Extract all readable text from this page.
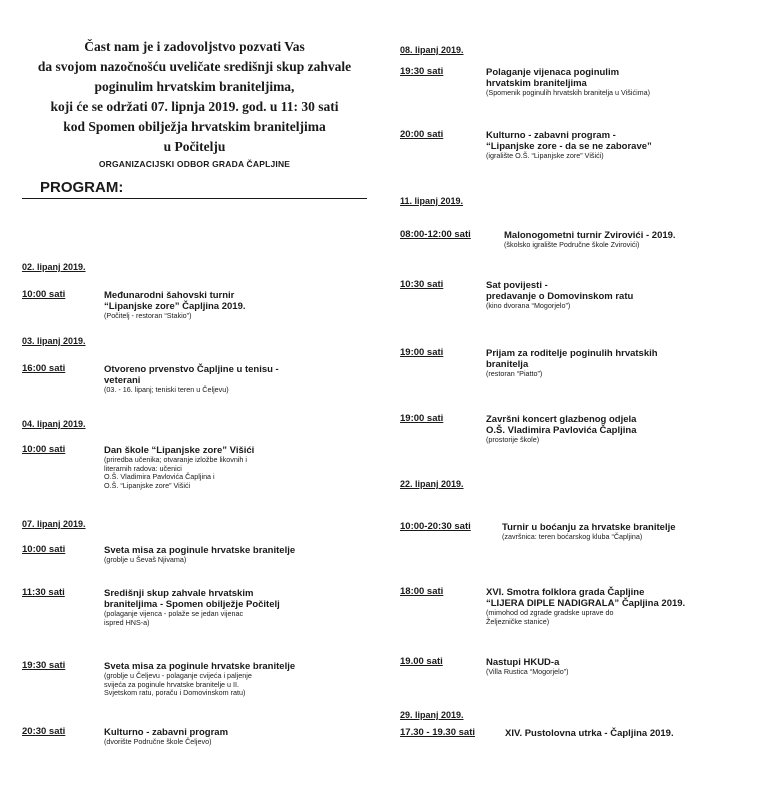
Čast nam je i zadovoljstvo pozvati Vas
da svojom nazočnošću uveličate središnji skup zahvale
poginulim hrvatskim braniteljima,
koji će se održati 07. lipnja 2019. god. u 11: 30 sati
kod Spomen obilježja hrvatskim braniteljima
u Počitelju
ORGANIZACIJSKI ODBOR GRADA ČAPLJINE
PROGRAM:
02. lipanj 2019.
10:00 sati	Međunarodni šahovski turnir
“Lipanjske zore” Čapljina 2019.
(Počitelj - restoran “Stakio”)
03. lipanj 2019.
16:00 sati	Otvoreno prvenstvo Čapljine u tenisu -
veterani
(03. - 16. lipanj; teniski teren u Čeljevu)
04. lipanj 2019.
10:00 sati	Dan škole “Lipanjske zore” Višići
(priredba učenika; otvaranje izložbe likovnih i
literarnih radova: učenici
O.Š. Vladimira Pavlovića Čapljina i
O.Š. “Lipanjske zore” Višići
07. lipanj 2019.
10:00 sati	Sveta misa za poginule hrvatske branitelje
(groblje u Ševaš Njivama)
11:30 sati	Središnji skup zahvale hrvatskim
braniteljima - Spomen obilježje Počitelj
(polaganje vijenca - polaže se jedan vijenac
ispred HNS-a)
19:30 sati	Sveta misa za poginule hrvatske branitelje
(groblje u Čeljevu - polaganje cvijeća i paljenje
svijeća za poginule hrvatske branitelje u II.
Svjetskom ratu, poraču i Domovinskom ratu)
20:30 sati	Kulturno - zabavni program
(dvorište Područne škole Čeljevo)
08. lipanj 2019.
19:30 sati	Polaganje vijenaca poginulim
hrvatskim braniteljima
(Spomenik poginulih hrvatskih branitelja u Višićima)
20:00 sati	Kulturno - zabavni program -
“Lipanjske zore - da se ne zaborave”
(igralište O.Š. “Lipanjske zore” Višići)
11. lipanj 2019.
08:00-12:00 sati	Malonogometni turnir Zvirovići - 2019.
(školsko igralište Područne škole Zvirovići)
10:30 sati	Sat povijesti -
predavanje o Domovinskom ratu
(kino dvorana “Mogorjelo”)
19:00 sati	Prijam za roditelje poginulih hrvatskih
branitelja
(restoran “Piatto”)
19:00 sati	Završni koncert glazbenog odjela
O.Š. Vladimira Pavlovića Čapljina
(prostorije škole)
22. lipanj 2019.
10:00-20:30 sati	Turnir u boćanju za hrvatske branitelje
(završnica: teren boćarskog kluba “Čapljina)
18:00 sati	XVI. Smotra folklora grada Čapljine
“LIJERA DIPLE NADIGRALA” Čapljina 2019.
(mimohod od zgrade gradske uprave do
Željezničke stanice)
19.00 sati	Nastupi HKUD-a
(Villa Rustica “Mogorjelo”)
29. lipanj 2019.
17.30 - 19.30 sati	XIV. Pustolovna utrka - Čapljina 2019.
